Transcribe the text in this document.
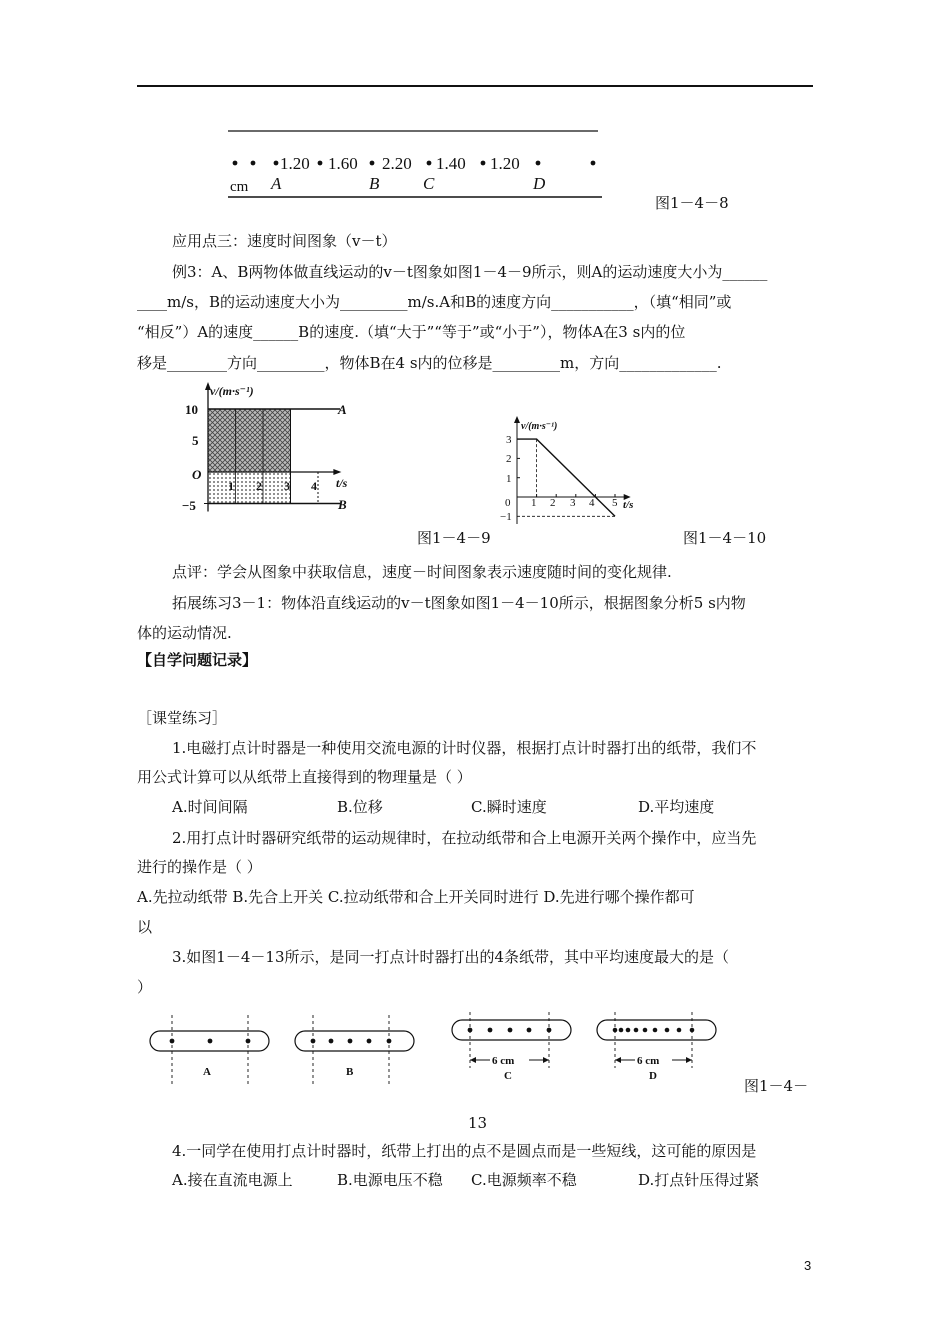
1.20 1.60 2.20 1.40 1.20
cm A	B	C	D
图1－4－8
应用点三：速度时间图象（v－t）
例3：A、B两物体做直线运动的v－t图象如图1－4－9所示，则A的运动速度大小为______
____m/s，B的运动速度大小为_________m/s.A和B的速度方向___________，（填“相同”或
“相反”）A的速度______B的速度.（填“大于”“等于”或“小于”），物体A在3 s内的位
移是________方向_________，物体B在4 s内的位移是_________m，方向_____________.
v/(m·s⁻¹)
t/s
10
5
O
−5
1 2 3 4
A
B
v/(m·s⁻¹)
t/s
3
2
1
0
−1
1 2 3 4 5
图1－4－9	图1－4－10
点评：学会从图象中获取信息，速度－时间图象表示速度随时间的变化规律.
拓展练习3－1：物体沿直线运动的v－t图象如图1－4－10所示，根据图象分析5 s内物
体的运动情况.
【自学问题记录】
［课堂练习］
1.电磁打点计时器是一种使用交流电源的计时仪器，根据打点计时器打出的纸带，我们不
用公式计算可以从纸带上直接得到的物理量是（ ）
A.时间间隔	B.位移	C.瞬时速度	D.平均速度
2.用打点计时器研究纸带的运动规律时，在拉动纸带和合上电源开关两个操作中，应当先
进行的操作是（ ）
A.先拉动纸带 B.先合上开关 C.拉动纸带和合上开关同时进行 D.先进行哪个操作都可
以
3.如图1－4－13所示，是同一打点计时器打出的4条纸带，其中平均速度最大的是（
）
A	B
6 cm
C
6 cm
D
图1－4－
13
4.一同学在使用打点计时器时，纸带上打出的点不是圆点而是一些短线，这可能的原因是
A.接在直流电源上	B.电源电压不稳 C.电源频率不稳	D.打点针压得过紧
3
